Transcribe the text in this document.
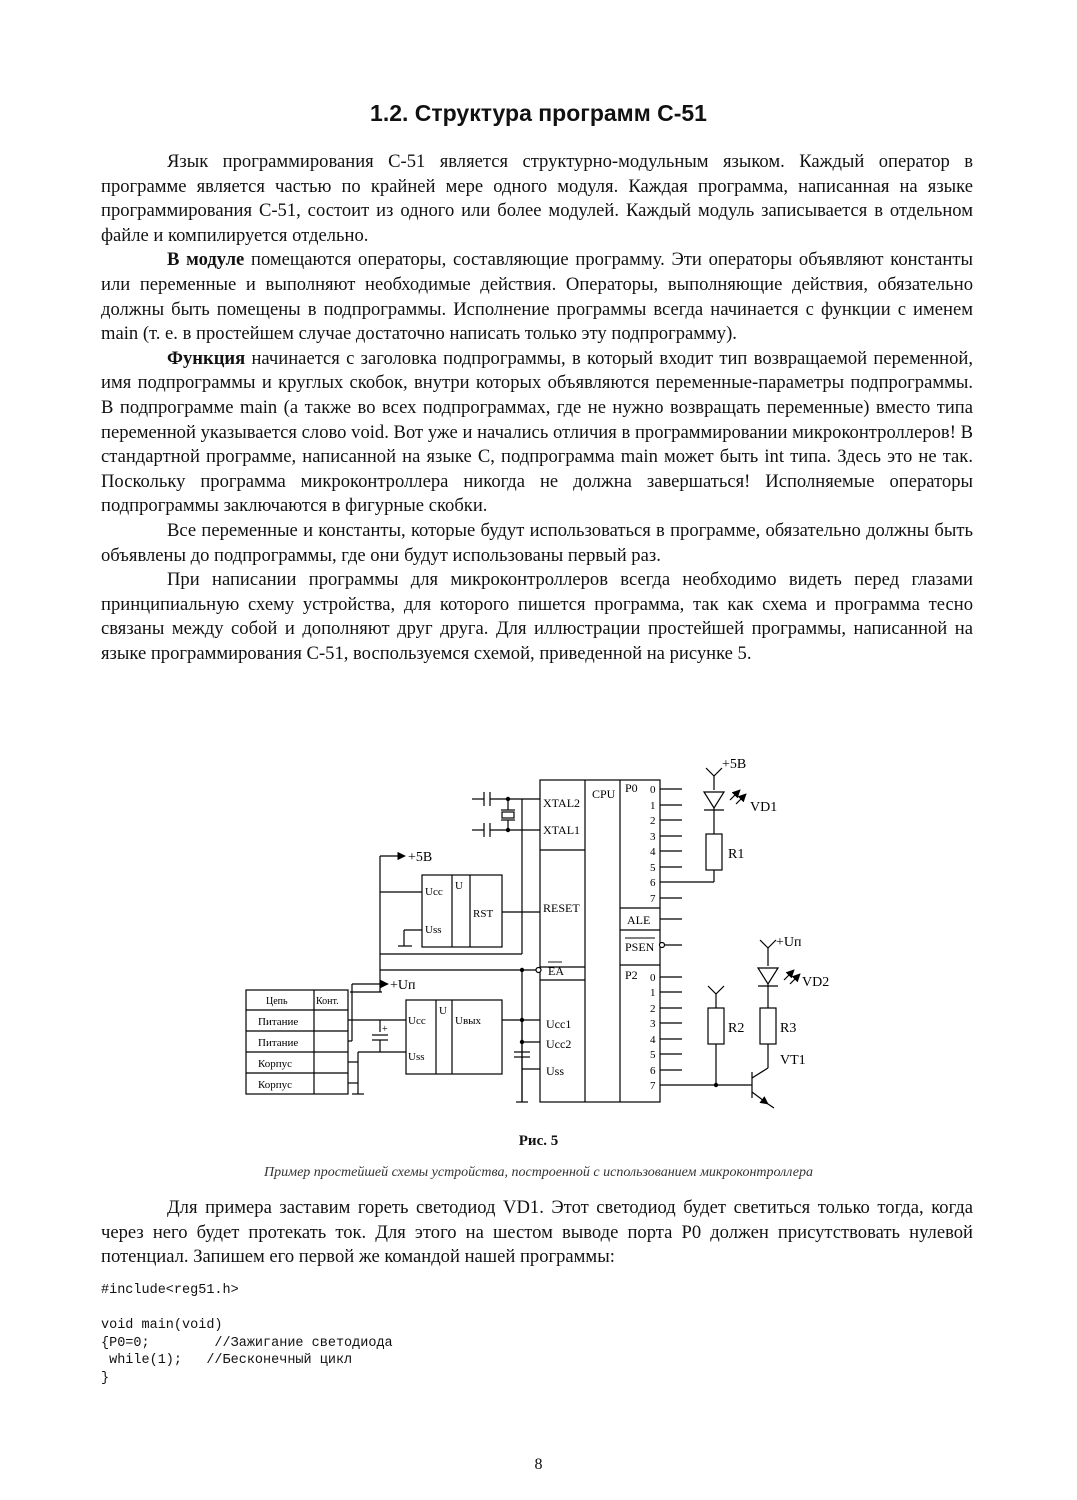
1.2. Структура программ С-51

Язык программирования С-51 является структурно-модульным языком. Каждый оператор в программе является частью по крайней мере одного модуля. Каждая программа, написанная на языке программирования С-51, состоит из одного или более модулей. Каждый модуль записывается в отдельном файле и компилируется отдельно.

В модуле помещаются операторы, составляющие программу. Эти операторы объявляют константы или переменные и выполняют необходимые действия. Операторы, выполняющие действия, обязательно должны быть помещены в подпрограммы. Исполнение программы всегда начинается с функции с именем main (т. е. в простейшем случае достаточно написать только эту подпрограмму).

Функция начинается с заголовка подпрограммы, в который входит тип возвращаемой переменной, имя подпрограммы и круглых скобок, внутри которых объявляются переменные-параметры подпрограммы. В подпрограмме main (а также во всех подпрограммах, где не нужно возвращать переменные) вместо типа переменной указывается слово void. Вот уже и начались отличия в программировании микроконтроллеров! В стандартной программе, написанной на языке С, подпрограмма main может быть int типа. Здесь это не так. Поскольку программа микроконтроллера никогда не должна завершаться! Исполняемые операторы подпрограммы заключаются в фигурные скобки.

Все переменные и константы, которые будут использоваться в программе, обязательно должны быть объявлены до подпрограммы, где они будут использованы первый раз.

При написании программы для микроконтроллеров всегда необходимо видеть перед глазами принципиальную схему устройства, для которого пишется программа, так как схема и программа тесно связаны между собой и дополняют друг друга. Для иллюстрации простейшей программы, написанной на языке программирования С-51, воспользуемся схемой, приведенной на рисунке 5.

CPU
XTAL2
XTAL1
RESET
EA
Ucc1
Ucc2
Uss
P0
ALE
PSEN
P2
0
1
2
3
4
5
6
7
0
1
2
3
4
5
6
7
Ucc U
RST
Uss
+5В
Ucc
U
Uвых
Uss
+Uп
Цепь	Конт.
Питание
Питание
Корпус
Корпус
+
+5В
VD1
R1
+Uп
VD2
R3
VT1
R2
Рис. 5
Пример простейшей схемы устройства, построенной с использованием микроконтроллера

Для примера заставим гореть светодиод VD1. Этот светодиод будет светиться только тогда, когда через него будет протекать ток. Для этого на шестом выводе порта Р0 должен присутствовать нулевой потенциал. Запишем его первой же командой нашей программы:

#include<reg51.h>

void main(void)
{P0=0;        //Зажигание светодиода
while(1);   //Бесконечный цикл
}
8
